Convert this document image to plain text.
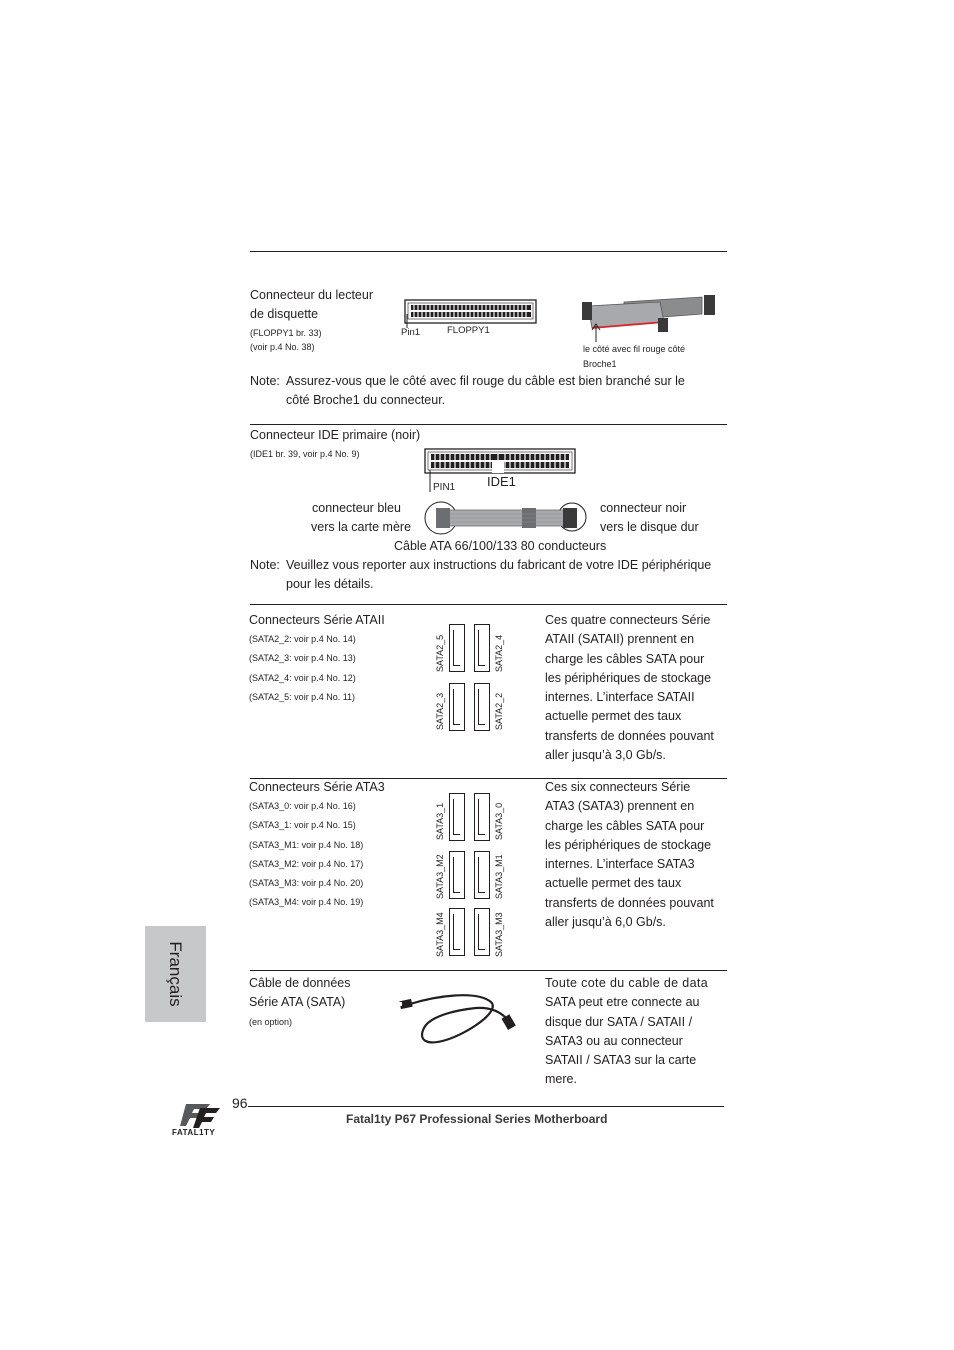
Connecteur du lecteur
de disquette
(FLOPPY1 br. 33)
(voir p.4 No. 38)
Pin1	FLOPPY1
le côté avec fil rouge côté
Broche1
Note: Assurez-vous que le côté avec fil rouge du câble est bien branché sur le
côté Broche1 du connecteur.
Connecteur IDE primaire (noir)
(IDE1 br. 39, voir p.4 No. 9)
PIN1 IDE1
connecteur bleu
vers la carte mère
connecteur noir
vers le disque dur
Câble ATA 66/100/133 80 conducteurs
Note: Veuillez vous reporter aux instructions du fabricant de votre IDE périphérique
pour les détails.
Connecteurs Série ATAII
(SATA2_2: voir p.4 No. 14)
(SATA2_3: voir p.4 No. 13)
(SATA2_4: voir p.4 No. 12)
(SATA2_5: voir p.4 No. 11)
SATA2_5	SATA2_4
SATA2_3	SATA2_2
Ces quatre connecteurs Série
ATAII (SATAII) prennent en
charge les câbles SATA pour
les périphériques de stockage
internes. L’interface SATAII
actuelle permet des taux
transferts de données pouvant
aller jusqu’à 3,0 Gb/s.
Connecteurs Série ATA3
(SATA3_0: voir p.4 No. 16)
(SATA3_1: voir p.4 No. 15)
(SATA3_M1: voir p.4 No. 18)
(SATA3_M2: voir p.4 No. 17)
(SATA3_M3: voir p.4 No. 20)
(SATA3_M4: voir p.4 No. 19)
SATA3_1	SATA3_0
SATA3_M2	SATA3_M1
SATA3_M4	SATA3_M3
Ces six connecteurs Série
ATA3 (SATA3) prennent en
charge les câbles SATA pour
les périphériques de stockage
internes. L’interface SATA3
actuelle permet des taux
transferts de données pouvant
aller jusqu’à 6,0 Gb/s.
Câble de données
Série ATA (SATA)
(en option)
Toute cote du cable de data
SATA peut etre connecte au
disque dur SATA / SATAII /
SATA3 ou au connecteur
SATAII / SATA3 sur la carte
mere.
Français
96
Fatal1ty P67 Professional Series Motherboard
FATAL1TY
